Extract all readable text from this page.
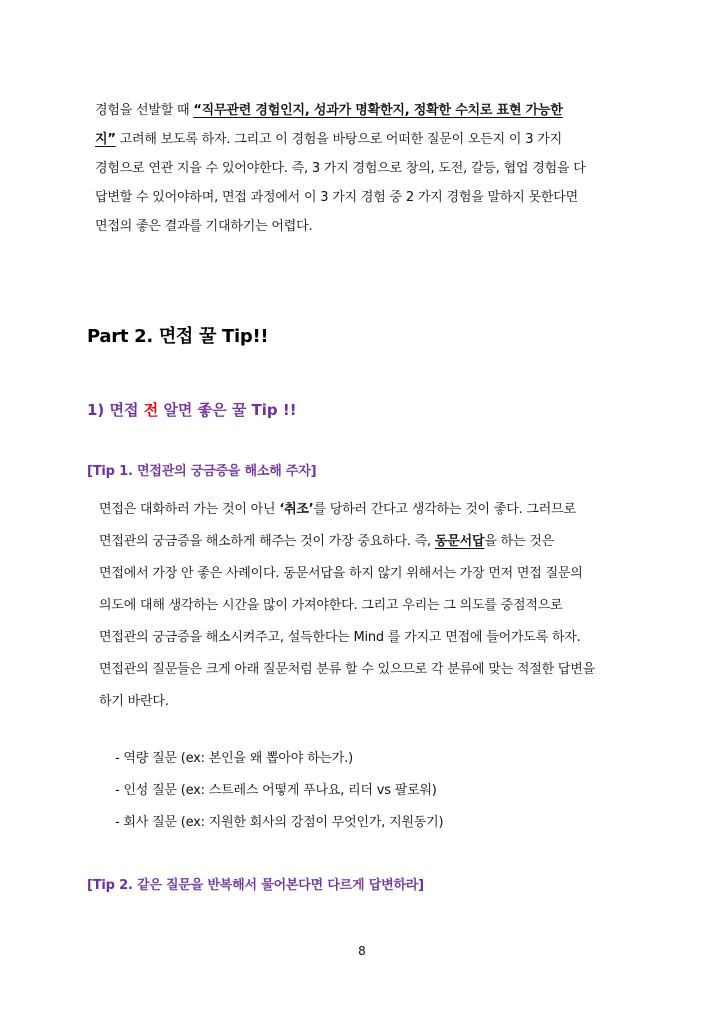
경험을 선발할 때 “직무관련 경험인지, 성과가 명확한지, 정확한 수치로 표현 가능한
지” 고려해 보도록 하자. 그리고 이 경험을 바탕으로 어떠한 질문이 오든지 이 3 가지
경험으로 연관 지을 수 있어야한다. 즉, 3 가지 경험으로 창의, 도전, 갈등, 협업 경험을 다
답변할 수 있어야하며, 면접 과정에서 이 3 가지 경험 중 2 가지 경험을 말하지 못한다면
면접의 좋은 결과를 기대하기는 어렵다.
Part 2. 면접 꿀 Tip!!
1) 면접 전 알면 좋은 꿀 Tip !!
[Tip 1. 면접관의 궁금증을 해소해 주자]
면접은 대화하러 가는 것이 아닌 ‘취조’를 당하러 간다고 생각하는 것이 좋다. 그러므로
면접관의 궁금증을 해소하게 해주는 것이 가장 중요하다. 즉, 동문서답을 하는 것은
면접에서 가장 안 좋은 사례이다. 동문서답을 하지 않기 위해서는 가장 먼저 면접 질문의
의도에 대해 생각하는 시간을 많이 가져야한다. 그리고 우리는 그 의도를 중점적으로
면접관의 궁금증을 해소시켜주고, 설득한다는 Mind 를 가지고 면접에 들어가도록 하자.
면접관의 질문들은 크게 아래 질문처럼 분류 할 수 있으므로 각 분류에 맞는 적절한 답변을
하기 바란다.
- 역량 질문 (ex: 본인을 왜 뽑아야 하는가.)
- 인성 질문 (ex: 스트레스 어떻게 푸나요, 리더 vs 팔로워)
- 회사 질문 (ex: 지원한 회사의 강점이 무엇인가, 지원동기)
[Tip 2. 같은 질문을 반복해서 물어본다면 다르게 답변하라]
8
